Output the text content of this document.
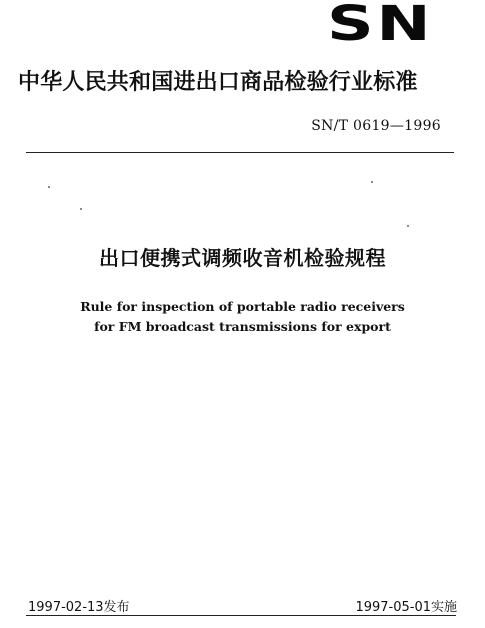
SN
中华人民共和国进出口商品检验行业标准
SN/T 0619—1996
出口便携式调频收音机检验规程
Rule for inspection of portable radio receivers
for FM broadcast transmissions for export
1997-02-13发布	1997-05-01实施
